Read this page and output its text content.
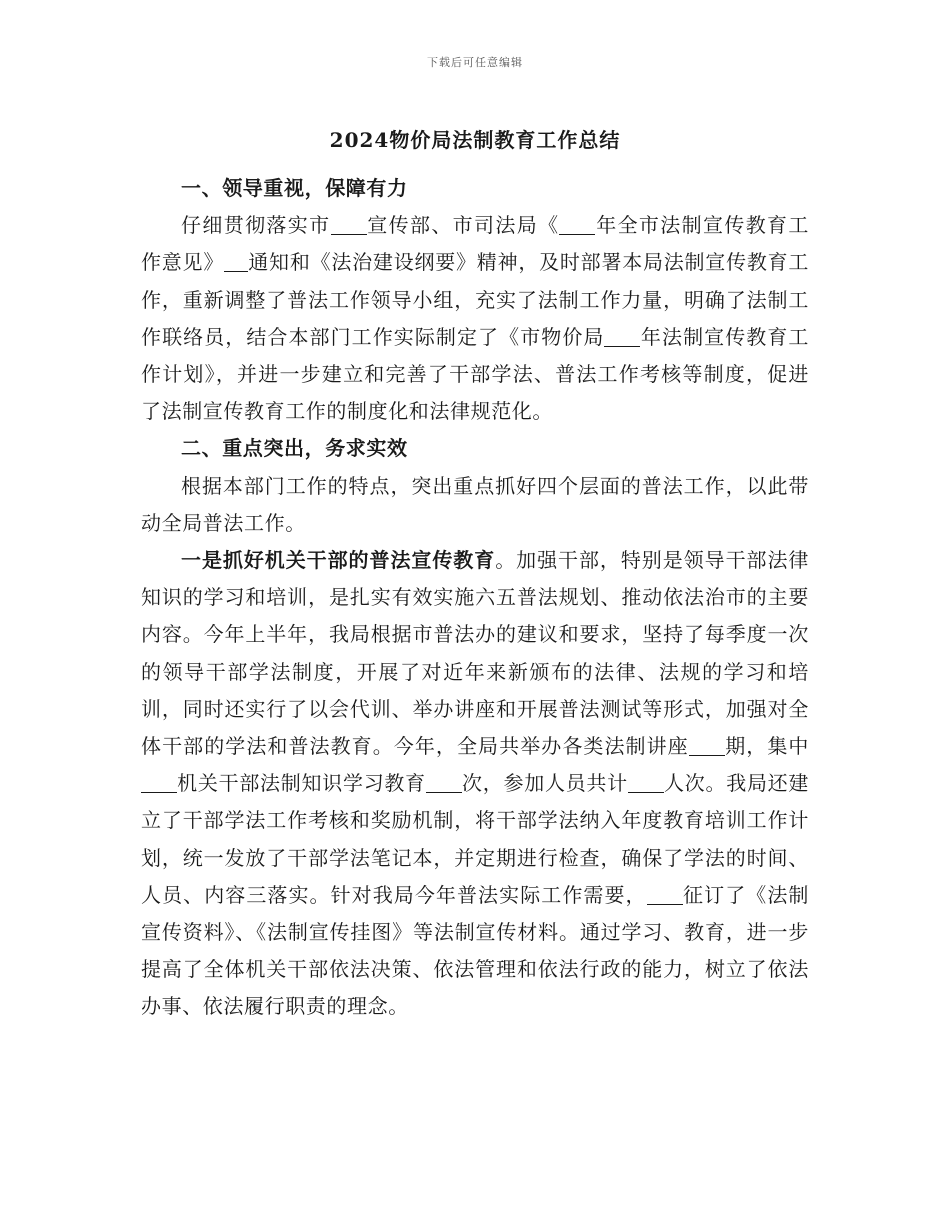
下载后可任意编辑
2024物价局法制教育工作总结

一、领导重视，保障有力

仔细贯彻落实市 宣传部、市司法局《 年全市法制宣传教育工作意见》 通知和《法治建设纲要》精神，及时部署本局法制宣传教育工作，重新调整了普法工作领导小组，充实了法制工作力量，明确了法制工作联络员，结合本部门工作实际制定了《市物价局 年法制宣传教育工作计划》，并进一步建立和完善了干部学法、普法工作考核等制度，促进了法制宣传教育工作的制度化和法律规范化。

二、重点突出，务求实效

根据本部门工作的特点，突出重点抓好四个层面的普法工作，以此带动全局普法工作。

一是抓好机关干部的普法宣传教育。加强干部，特别是领导干部法律知识的学习和培训，是扎实有效实施六五普法规划、推动依法治市的主要内容。今年上半年，我局根据市普法办的建议和要求，坚持了每季度一次的领导干部学法制度，开展了对近年来新颁布的法律、法规的学习和培训，同时还实行了以会代训、举办讲座和开展普法测试等形式，加强对全体干部的学法和普法教育。今年，全局共举办各类法制讲座 期，集中机关干部法制知识学习教育 次，参加人员共计 人次。我局还建立了干部学法工作考核和奖励机制，将干部学法纳入年度教育培训工作计划，统一发放了干部学法笔记本，并定期进行检查，确保了学法的时间、人员、内容三落实。针对我局今年普法实际工作需要， 征订了《法制宣传资料》、《法制宣传挂图》等法制宣传材料。通过学习、教育，进一步提高了全体机关干部依法决策、依法管理和依法行政的能力，树立了依法办事、依法履行职责的理念。
